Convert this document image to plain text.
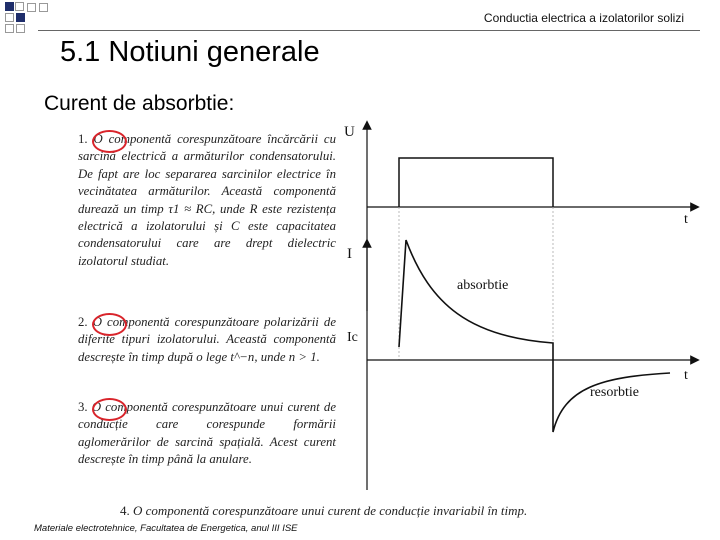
Conductia electrica a izolatorilor solizi
5.1 Notiuni generale
Curent de absorbtie:
1. O componentă corespunzătoare încărcării cu sarcină electrică a armăturilor condensatorului. De fapt are loc separarea sarcinilor electrice în vecinătatea armăturilor. Această componentă durează un timp τ1 ≈ RC, unde R este rezistența electrică a izolatorului și C este capacitatea condensatorului care are drept dielectric izolatorul studiat.
2. O componentă corespunzătoare polarizării de diferite tipuri izolatorului. Această componentă descrește în timp după o lege t^−n, unde n > 1.
3. O componentă corespunzătoare unui curent de conducție care corespunde formării aglomerărilor de sarcină spațială. Acest curent descrește în timp până la anulare.
4. O componentă corespunzătoare unui curent de conducție invariabil în timp.
U
t
I
Ic
t
absorbtie
resorbtie
Materiale electrotehnice, Facultatea de Energetica, anul III ISE
